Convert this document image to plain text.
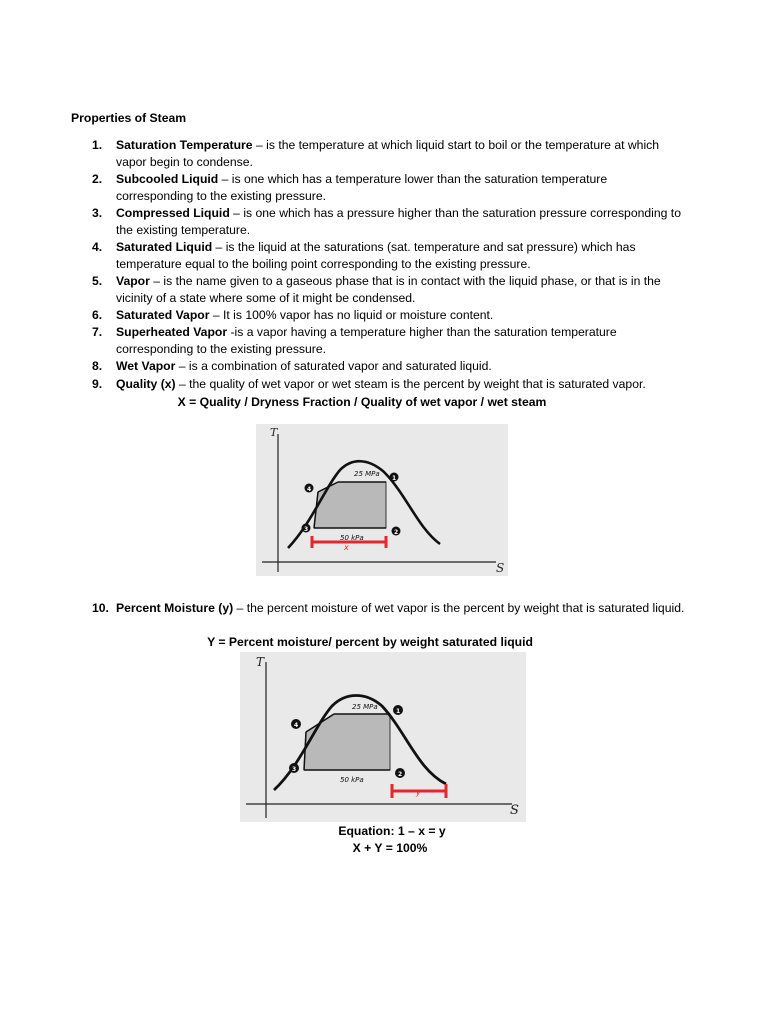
Properties of Steam
1.	Saturation Temperature – is the temperature at which liquid start to boil or the temperature at which vapor begin to condense.
2.	Subcooled Liquid – is one which has a temperature lower than the saturation temperature corresponding to the existing pressure.
3.	Compressed Liquid – is one which has a pressure higher than the saturation pressure corresponding to the existing temperature.
4.	Saturated Liquid – is the liquid at the saturations (sat. temperature and sat pressure) which has temperature equal to the boiling point corresponding to the existing pressure.
5.	Vapor – is the name given to a gaseous phase that is in contact with the liquid phase, or that is in the vicinity of a state where some of it might be condensed.
6.	Saturated Vapor – It is 100% vapor has no liquid or moisture content.
7.	Superheated Vapor -is a vapor having a temperature higher than the saturation temperature corresponding to the existing pressure.
8.	Wet Vapor – is a combination of saturated vapor and saturated liquid.
9.	Quality (x) – the quality of wet vapor or wet steam is the percent by weight that is saturated vapor.
X = Quality / Dryness Fraction / Quality of wet vapor / wet steam
T
S
25 MPa
50 kPa
1
2
3
4
x
10. Percent Moisture (y) – the percent moisture of wet vapor is the percent by weight that is saturated liquid.
Y = Percent moisture/ percent by weight saturated liquid
T
S
25 MPa
50 kPa
1
2
3
4
y
Equation: 1 – x = y
X + Y = 100%
